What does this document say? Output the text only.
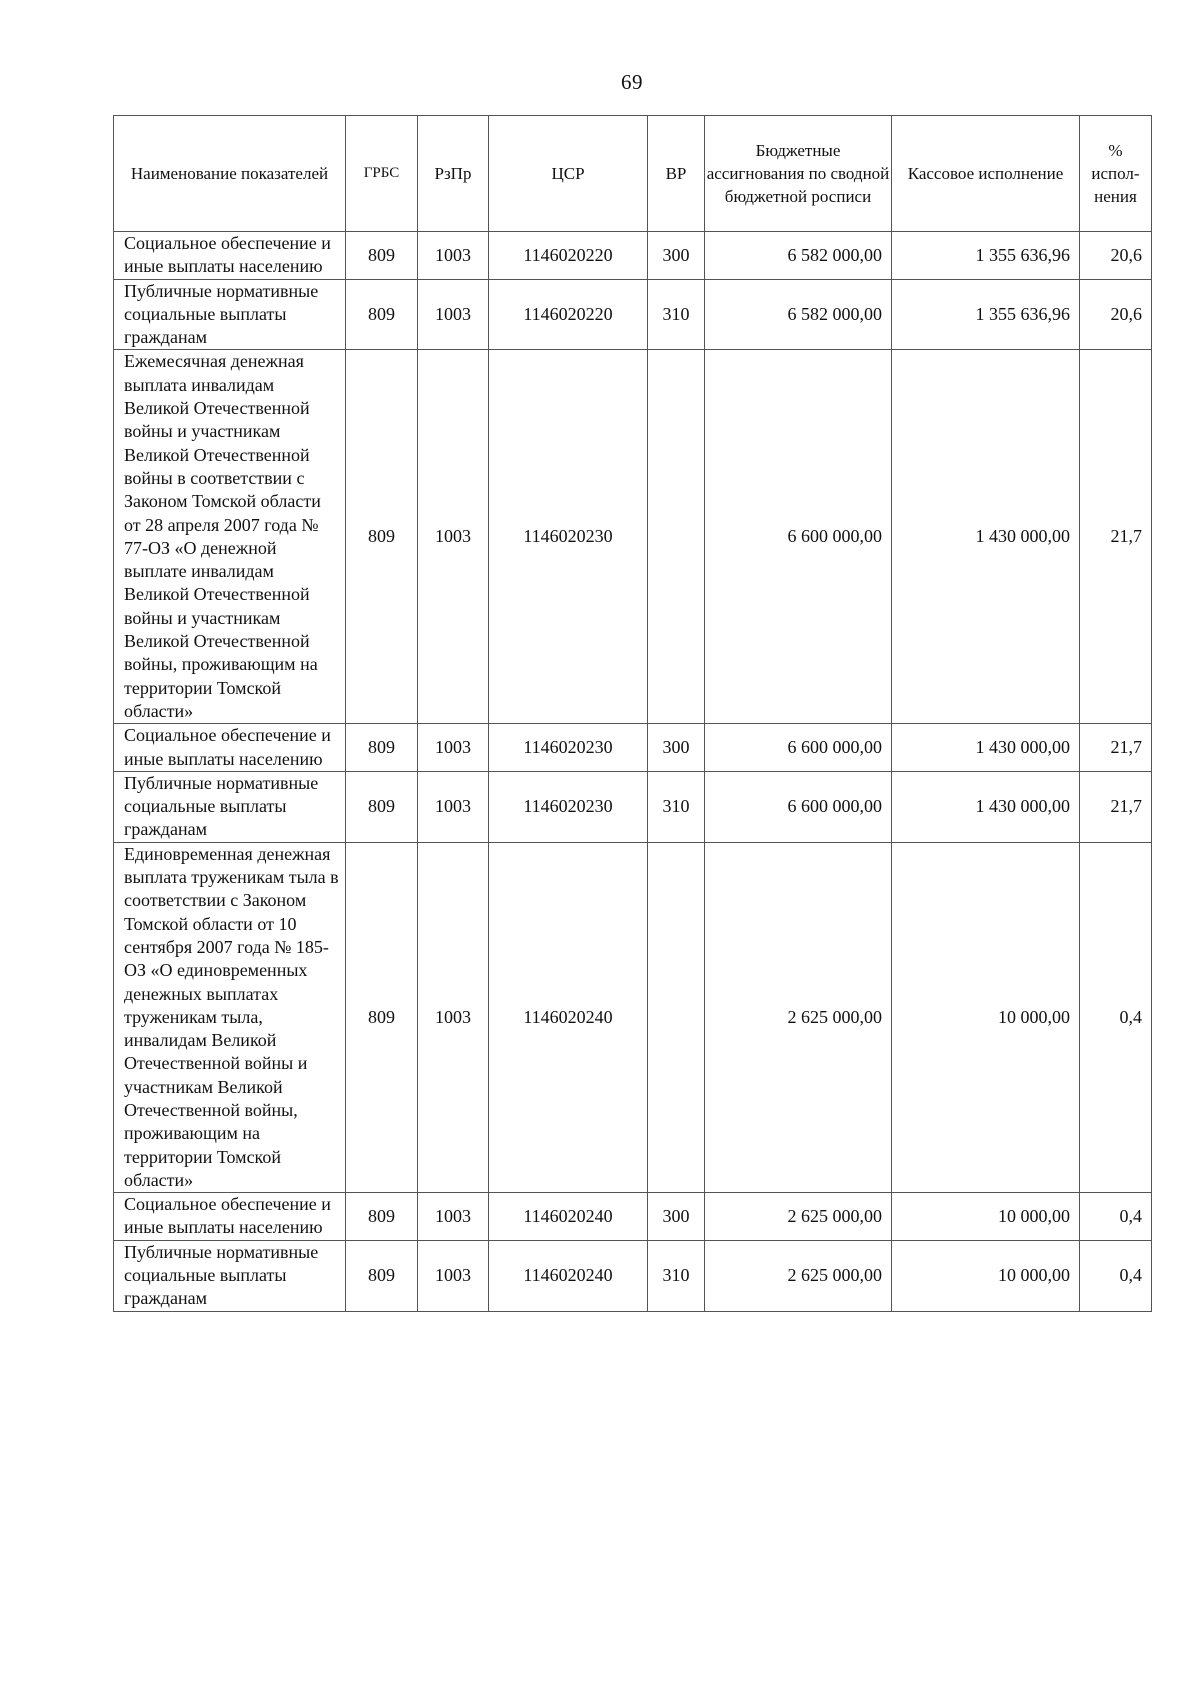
69
Наименование показателей	ГРБС	РзПр	ЦСР	ВР	Бюджетные ассигнования по сводной бюджетной росписи	Кассовое исполнение	%
испол-нения

Социальное обеспечение и иные выплаты населению	809	1003	1146020220	300	6 582 000,00	1 355 636,96	20,6
Публичные нормативные социальные выплаты гражданам	809	1003	1146020220	310	6 582 000,00	1 355 636,96	20,6
Ежемесячная денежная выплата инвалидам Великой Отечественной войны и участникам Великой Отечественной войны в соответствии с Законом Томской области от 28 апреля 2007 года № 77-ОЗ «О денежной выплате инвалидам Великой Отечественной войны и участникам Великой Отечественной войны, проживающим на территории Томской области»	809	1003	1146020230		6 600 000,00	1 430 000,00	21,7
Социальное обеспечение и иные выплаты населению	809	1003	1146020230	300	6 600 000,00	1 430 000,00	21,7
Публичные нормативные социальные выплаты гражданам	809	1003	1146020230	310	6 600 000,00	1 430 000,00	21,7
Единовременная денежная выплата труженикам тыла в соответствии с Законом Томской области от 10 сентября 2007 года № 185-ОЗ «О единовременных денежных выплатах труженикам тыла, инвалидам Великой Отечественной войны и участникам Великой Отечественной войны, проживающим на территории Томской области»	809	1003	1146020240		2 625 000,00	10 000,00	0,4
Социальное обеспечение и иные выплаты населению	809	1003	1146020240	300	2 625 000,00	10 000,00	0,4
Публичные нормативные социальные выплаты гражданам	809	1003	1146020240	310	2 625 000,00	10 000,00	0,4
